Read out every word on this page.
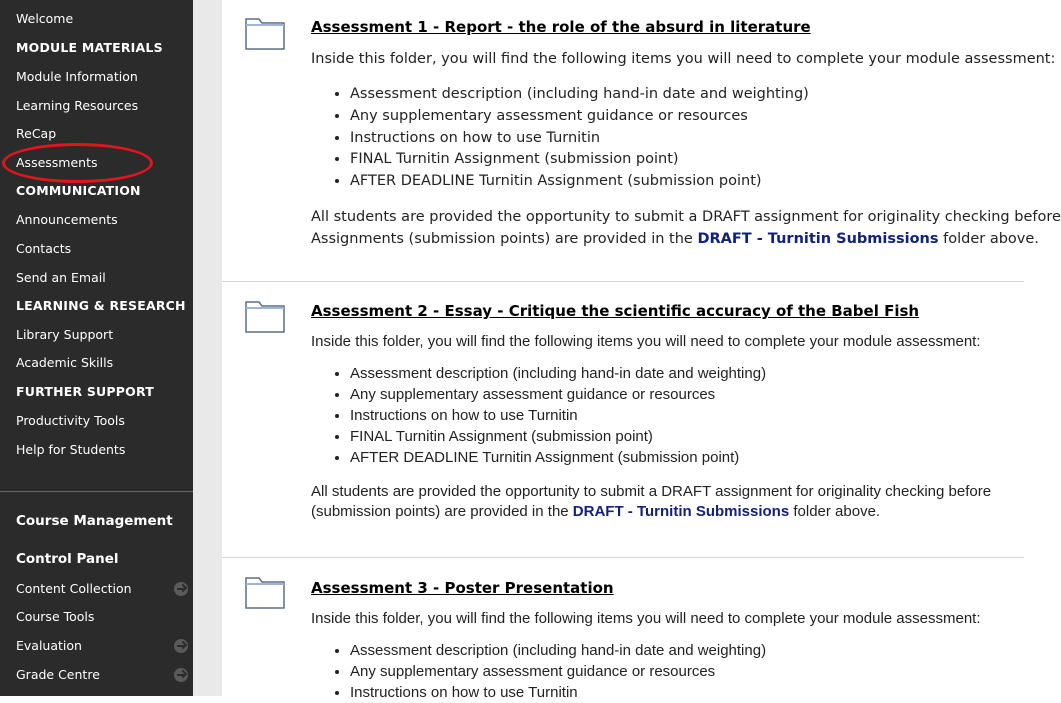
Welcome
MODULE MATERIALS
Module Information
Learning Resources
ReCap
Assessments
COMMUNICATION
Announcements
Contacts
Send an Email
LEARNING & RESEARCH
Library Support
Academic Skills
FURTHER SUPPORT
Productivity Tools
Help for Students
Course Management
Control Panel
Content Collection
Course Tools
Evaluation
Grade Centre
Assessment 1 - Report - the role of the absurd in literature
Inside this folder, you will find the following items you will need to complete your module assessment:
• Assessment description (including hand-in date and weighting)
• Any supplementary assessment guidance or resources
• Instructions on how to use Turnitin
• FINAL Turnitin Assignment (submission point)
• AFTER DEADLINE Turnitin Assignment (submission point)
All students are provided the opportunity to submit a DRAFT assignment for originality checking before
Assignments (submission points) are provided in the DRAFT - Turnitin Submissions folder above.
Assessment 2 - Essay - Critique the scientific accuracy of the Babel Fish
Inside this folder, you will find the following items you will need to complete your module assessment:
• Assessment description (including hand-in date and weighting)
• Any supplementary assessment guidance or resources
• Instructions on how to use Turnitin
• FINAL Turnitin Assignment (submission point)
• AFTER DEADLINE Turnitin Assignment (submission point)
All students are provided the opportunity to submit a DRAFT assignment for originality checking before
(submission points) are provided in the DRAFT - Turnitin Submissions folder above.
Assessment 3 - Poster Presentation
Inside this folder, you will find the following items you will need to complete your module assessment:
• Assessment description (including hand-in date and weighting)
• Any supplementary assessment guidance or resources
• Instructions on how to use Turnitin
